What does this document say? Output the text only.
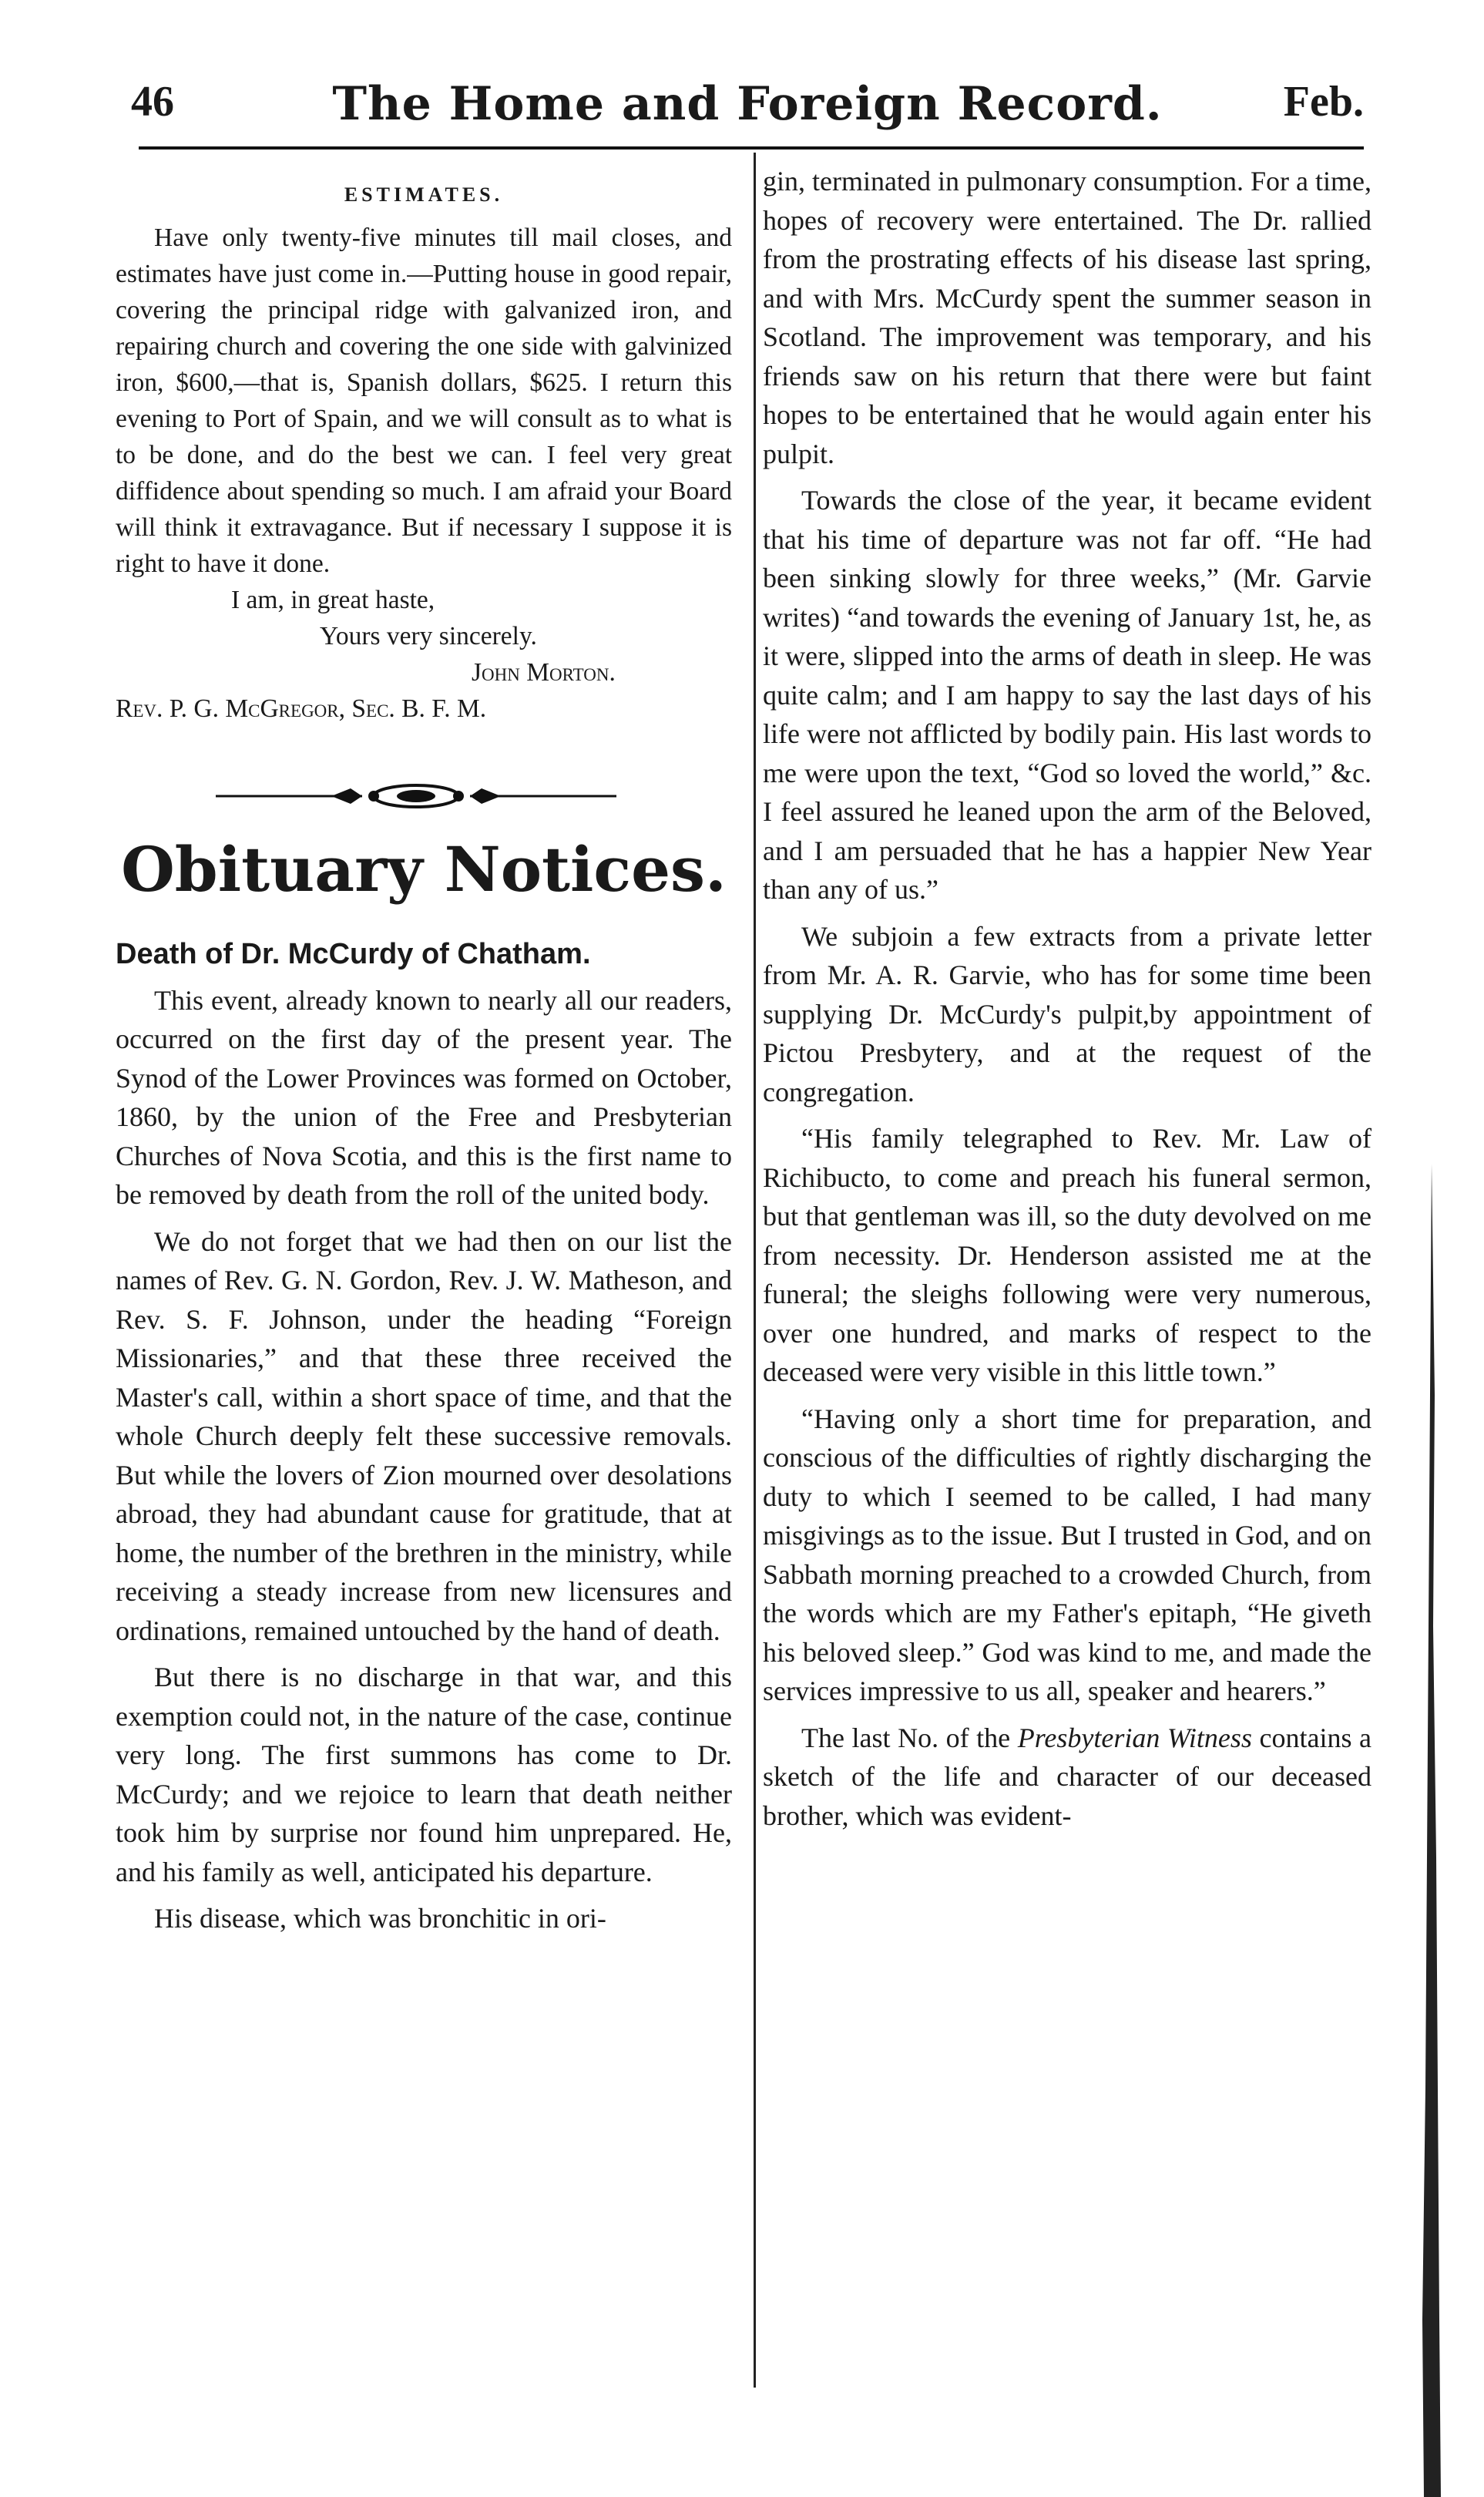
46	The Home and Foreign Record.	Feb.
ESTIMATES.

Have only twenty-five minutes till mail closes, and estimates have just come in.—Putting house in good repair, covering the principal ridge with galvanized iron, and repairing church and covering the one side with galvinized iron, $600,—that is, Spanish dollars, $625. I return this evening to Port of Spain, and we will consult as to what is to be done, and do the best we can. I feel very great diffidence about spending so much. I am afraid your Board will think it extravagance. But if necessary I suppose it is right to have it done.

I am, in great haste,
Yours very sincerely.
John Morton.
Rev. P. G. McGregor, Sec. B. F. M.
Obituary Notices.
Death of Dr. McCurdy of Chatham.

This event, already known to nearly all our readers, occurred on the first day of the present year. The Synod of the Lower Provinces was formed on October, 1860, by the union of the Free and Presbyterian Churches of Nova Scotia, and this is the first name to be removed by death from the roll of the united body.

We do not forget that we had then on our list the names of Rev. G. N. Gordon, Rev. J. W. Matheson, and Rev. S. F. Johnson, under the heading “Foreign Missionaries,” and that these three received the Master's call, within a short space of time, and that the whole Church deeply felt these successive removals. But while the lovers of Zion mourned over desolations abroad, they had abundant cause for gratitude, that at home, the number of the brethren in the ministry, while receiving a steady increase from new licensures and ordinations, remained untouched by the hand of death.

But there is no discharge in that war, and this exemption could not, in the nature of the case, continue very long. The first summons has come to Dr. McCurdy; and we rejoice to learn that death neither took him by surprise nor found him unprepared. He, and his family as well, anticipated his departure.

His disease, which was bronchitic in ori-

gin, terminated in pulmonary consumption. For a time, hopes of recovery were entertained. The Dr. rallied from the prostrating effects of his disease last spring, and with Mrs. McCurdy spent the summer season in Scotland. The improvement was temporary, and his friends saw on his return that there were but faint hopes to be entertained that he would again enter his pulpit.

Towards the close of the year, it became evident that his time of departure was not far off. “He had been sinking slowly for three weeks,” (Mr. Garvie writes) “and towards the evening of January 1st, he, as it were, slipped into the arms of death in sleep. He was quite calm; and I am happy to say the last days of his life were not afflicted by bodily pain. His last words to me were upon the text, “God so loved the world,” &c. I feel assured he leaned upon the arm of the Beloved, and I am persuaded that he has a happier New Year than any of us.”

We subjoin a few extracts from a private letter from Mr. A. R. Garvie, who has for some time been supplying Dr. McCurdy's pulpit,by appointment of Pictou Presbytery, and at the request of the congregation.

“His family telegraphed to Rev. Mr. Law of Richibucto, to come and preach his funeral sermon, but that gentleman was ill, so the duty devolved on me from necessity. Dr. Henderson assisted me at the funeral; the sleighs following were very numerous, over one hundred, and marks of respect to the deceased were very visible in this little town.”

“Having only a short time for preparation, and conscious of the difficulties of rightly discharging the duty to which I seemed to be called, I had many misgivings as to the issue. But I trusted in God, and on Sabbath morning preached to a crowded Church, from the words which are my Father's epitaph, “He giveth his beloved sleep.” God was kind to me, and made the services impressive to us all, speaker and hearers.”

The last No. of the Presbyterian Witness contains a sketch of the life and character of our deceased brother, which was evident-
